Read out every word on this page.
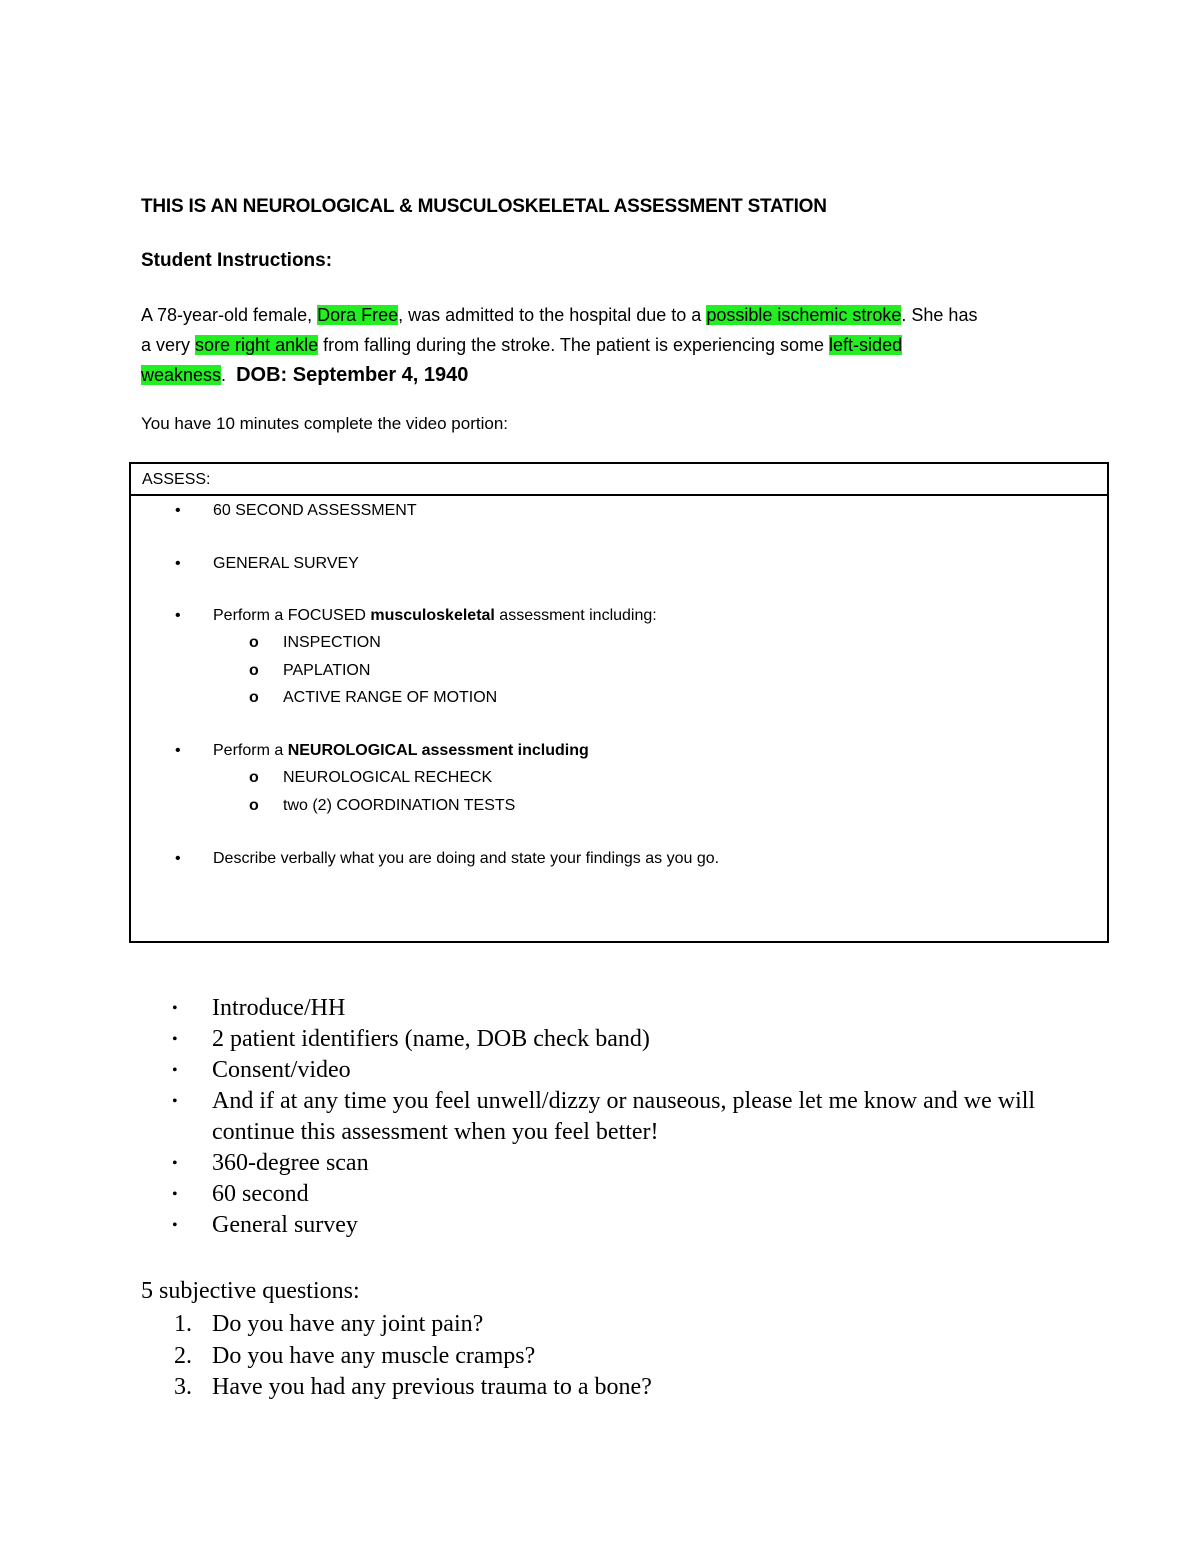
THIS IS AN NEUROLOGICAL & MUSCULOSKELETAL ASSESSMENT STATION
Student Instructions:
A 78-year-old female, Dora Free, was admitted to the hospital due to a possible ischemic stroke. She has
a very sore right ankle from falling during the stroke. The patient is experiencing some left-sided
weakness. DOB: September 4, 1940
You have 10 minutes complete the video portion:
ASSESS:
• 60 SECOND ASSESSMENT
• GENERAL SURVEY
• Perform a FOCUSED musculoskeletal assessment including:
o INSPECTION
o PAPLATION
o ACTIVE RANGE OF MOTION
• Perform a NEUROLOGICAL assessment including
o NEUROLOGICAL RECHECK
o two (2) COORDINATION TESTS
• Describe verbally what you are doing and state your findings as you go.
• Introduce/HH
• 2 patient identifiers (name, DOB check band)
• Consent/video
• And if at any time you feel unwell/dizzy or nauseous, please let me know and we will continue this assessment when you feel better!
• 360-degree scan
• 60 second
• General survey
5 subjective questions:
1. Do you have any joint pain?
2. Do you have any muscle cramps?
3. Have you had any previous trauma to a bone?
